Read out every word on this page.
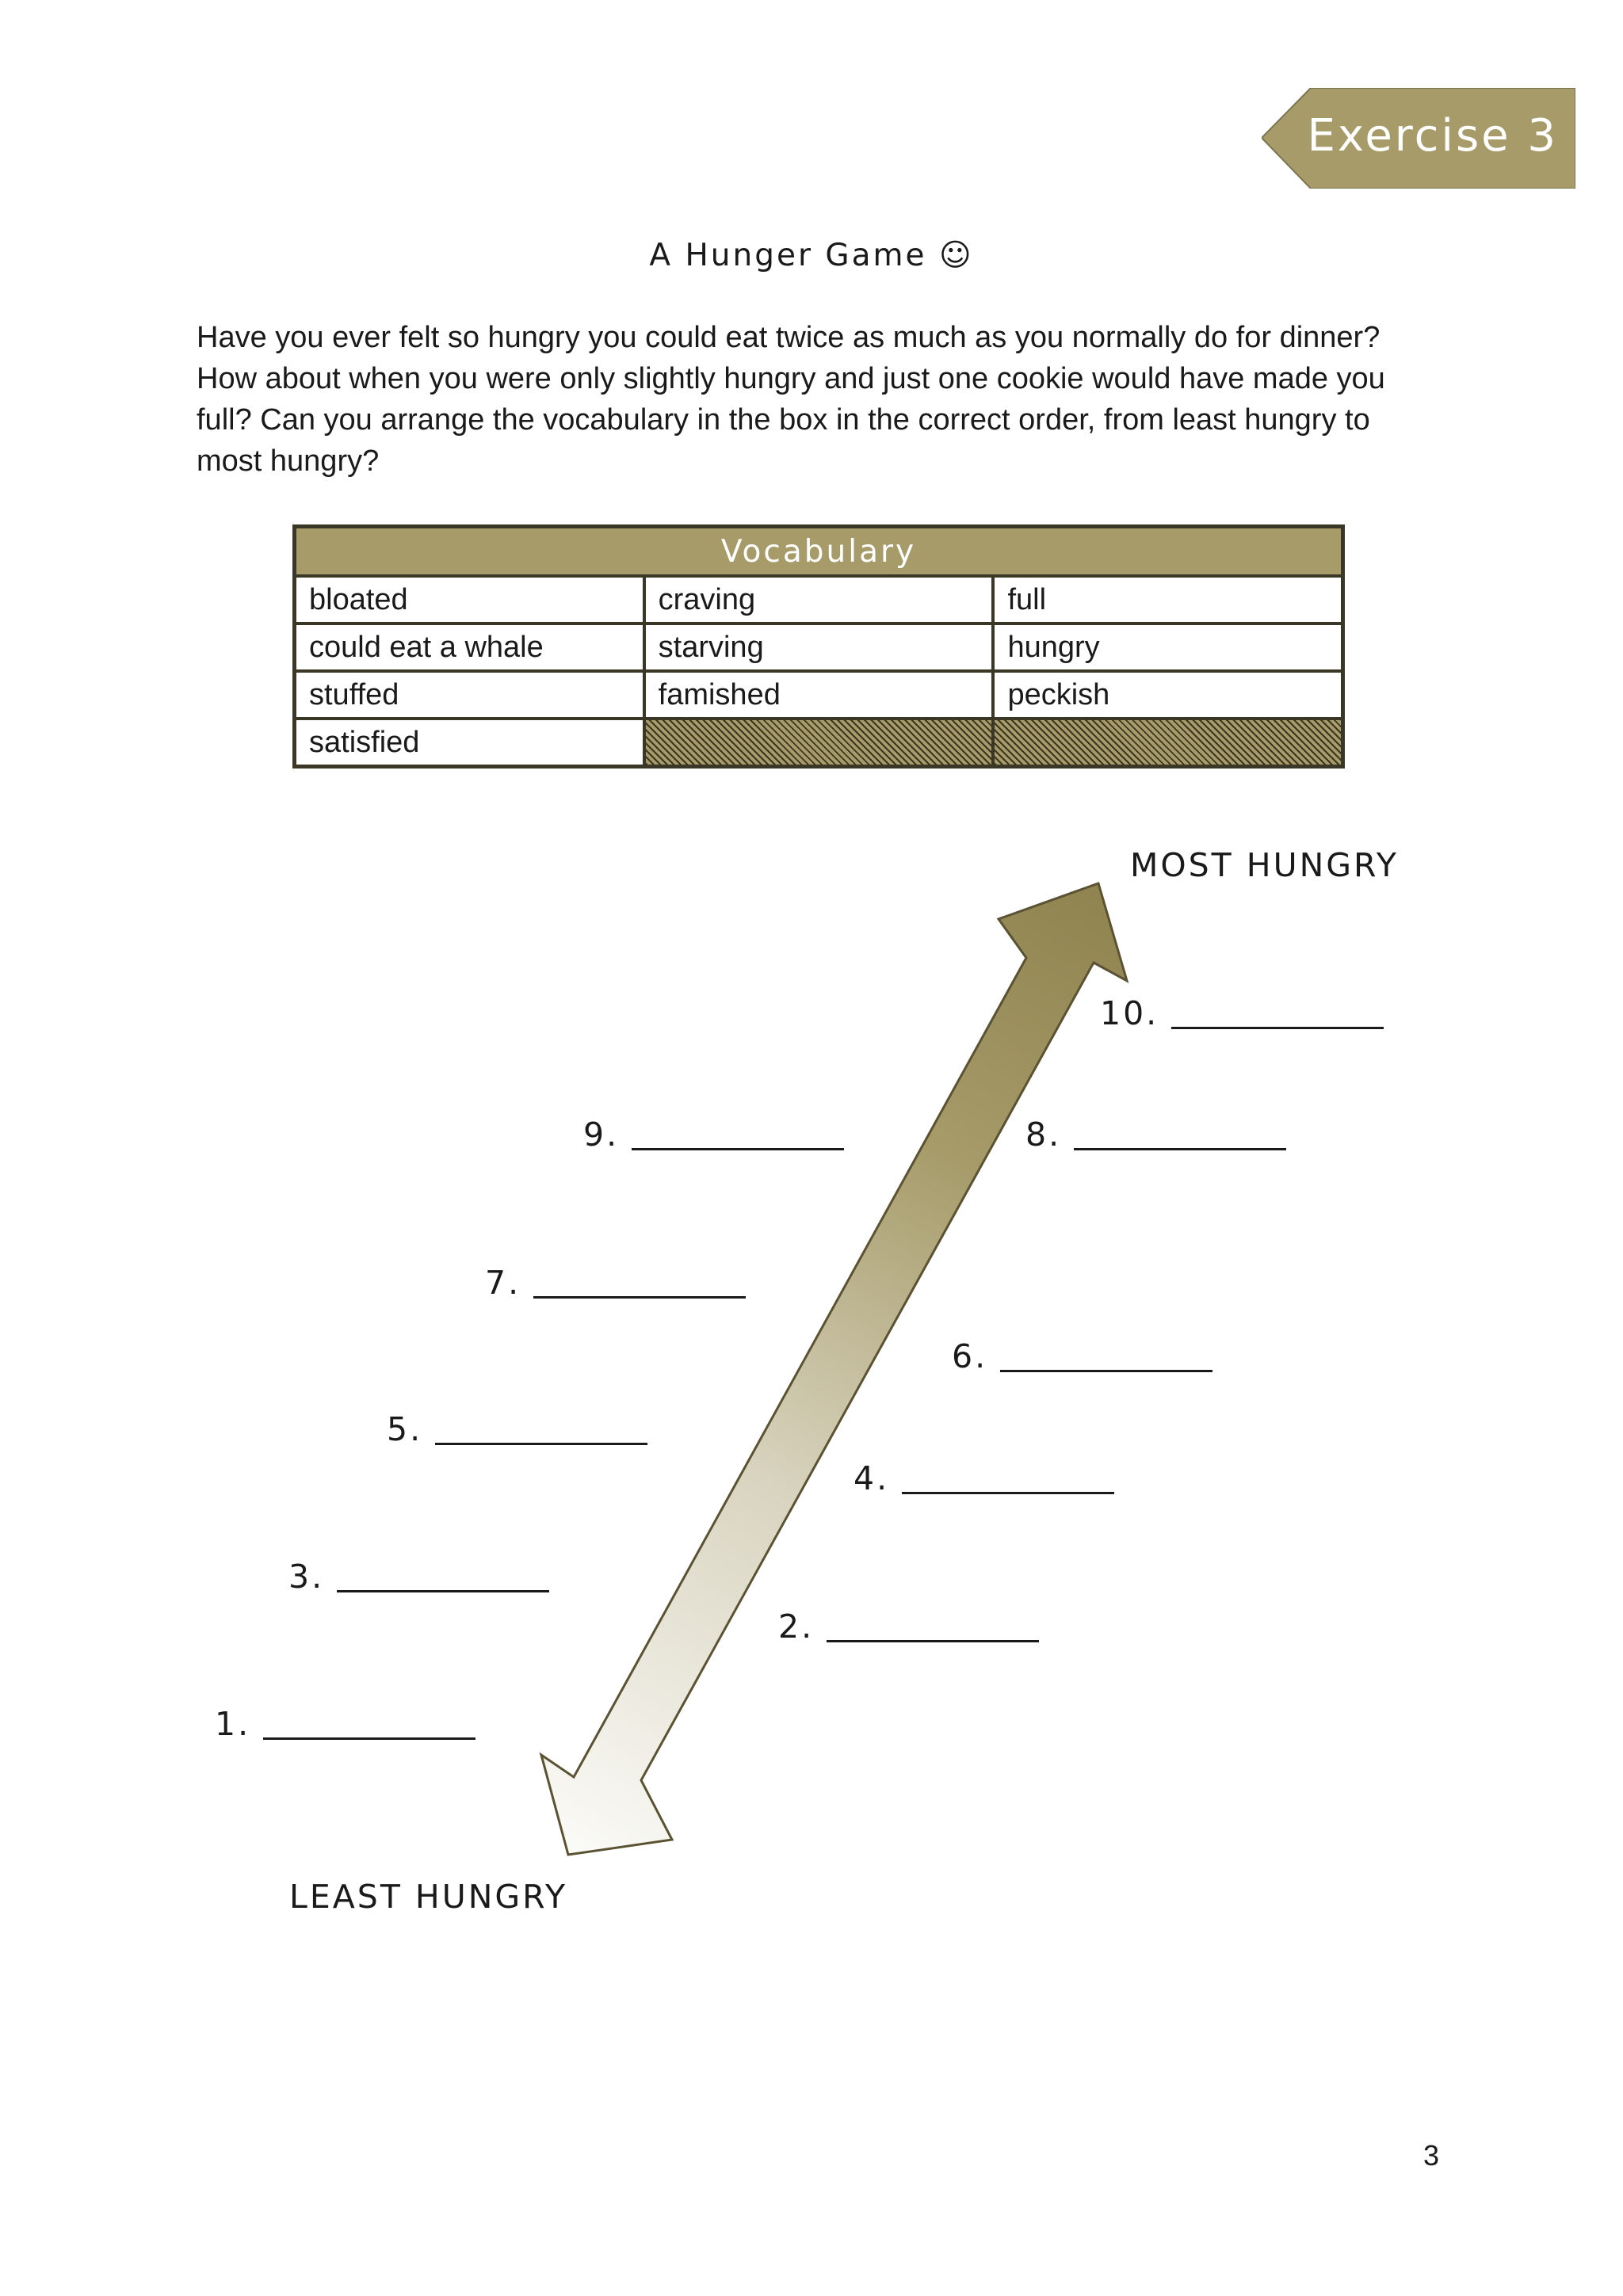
Exercise 3
A Hunger Game ☺
Have you ever felt so hungry you could eat twice as much as you normally do for dinner? How about when you were only slightly hungry and just one cookie would have made you full? Can you arrange the vocabulary in the box in the correct order, from least hungry to most hungry?
Vocabulary		
bloated	craving	full
could eat a whale	starving	hungry
stuffed	famished	peckish
satisfied		
MOST HUNGRY
LEAST HUNGRY
1.
2.
3.
4.
5.
6.
7.
8.
9.
10.
3
